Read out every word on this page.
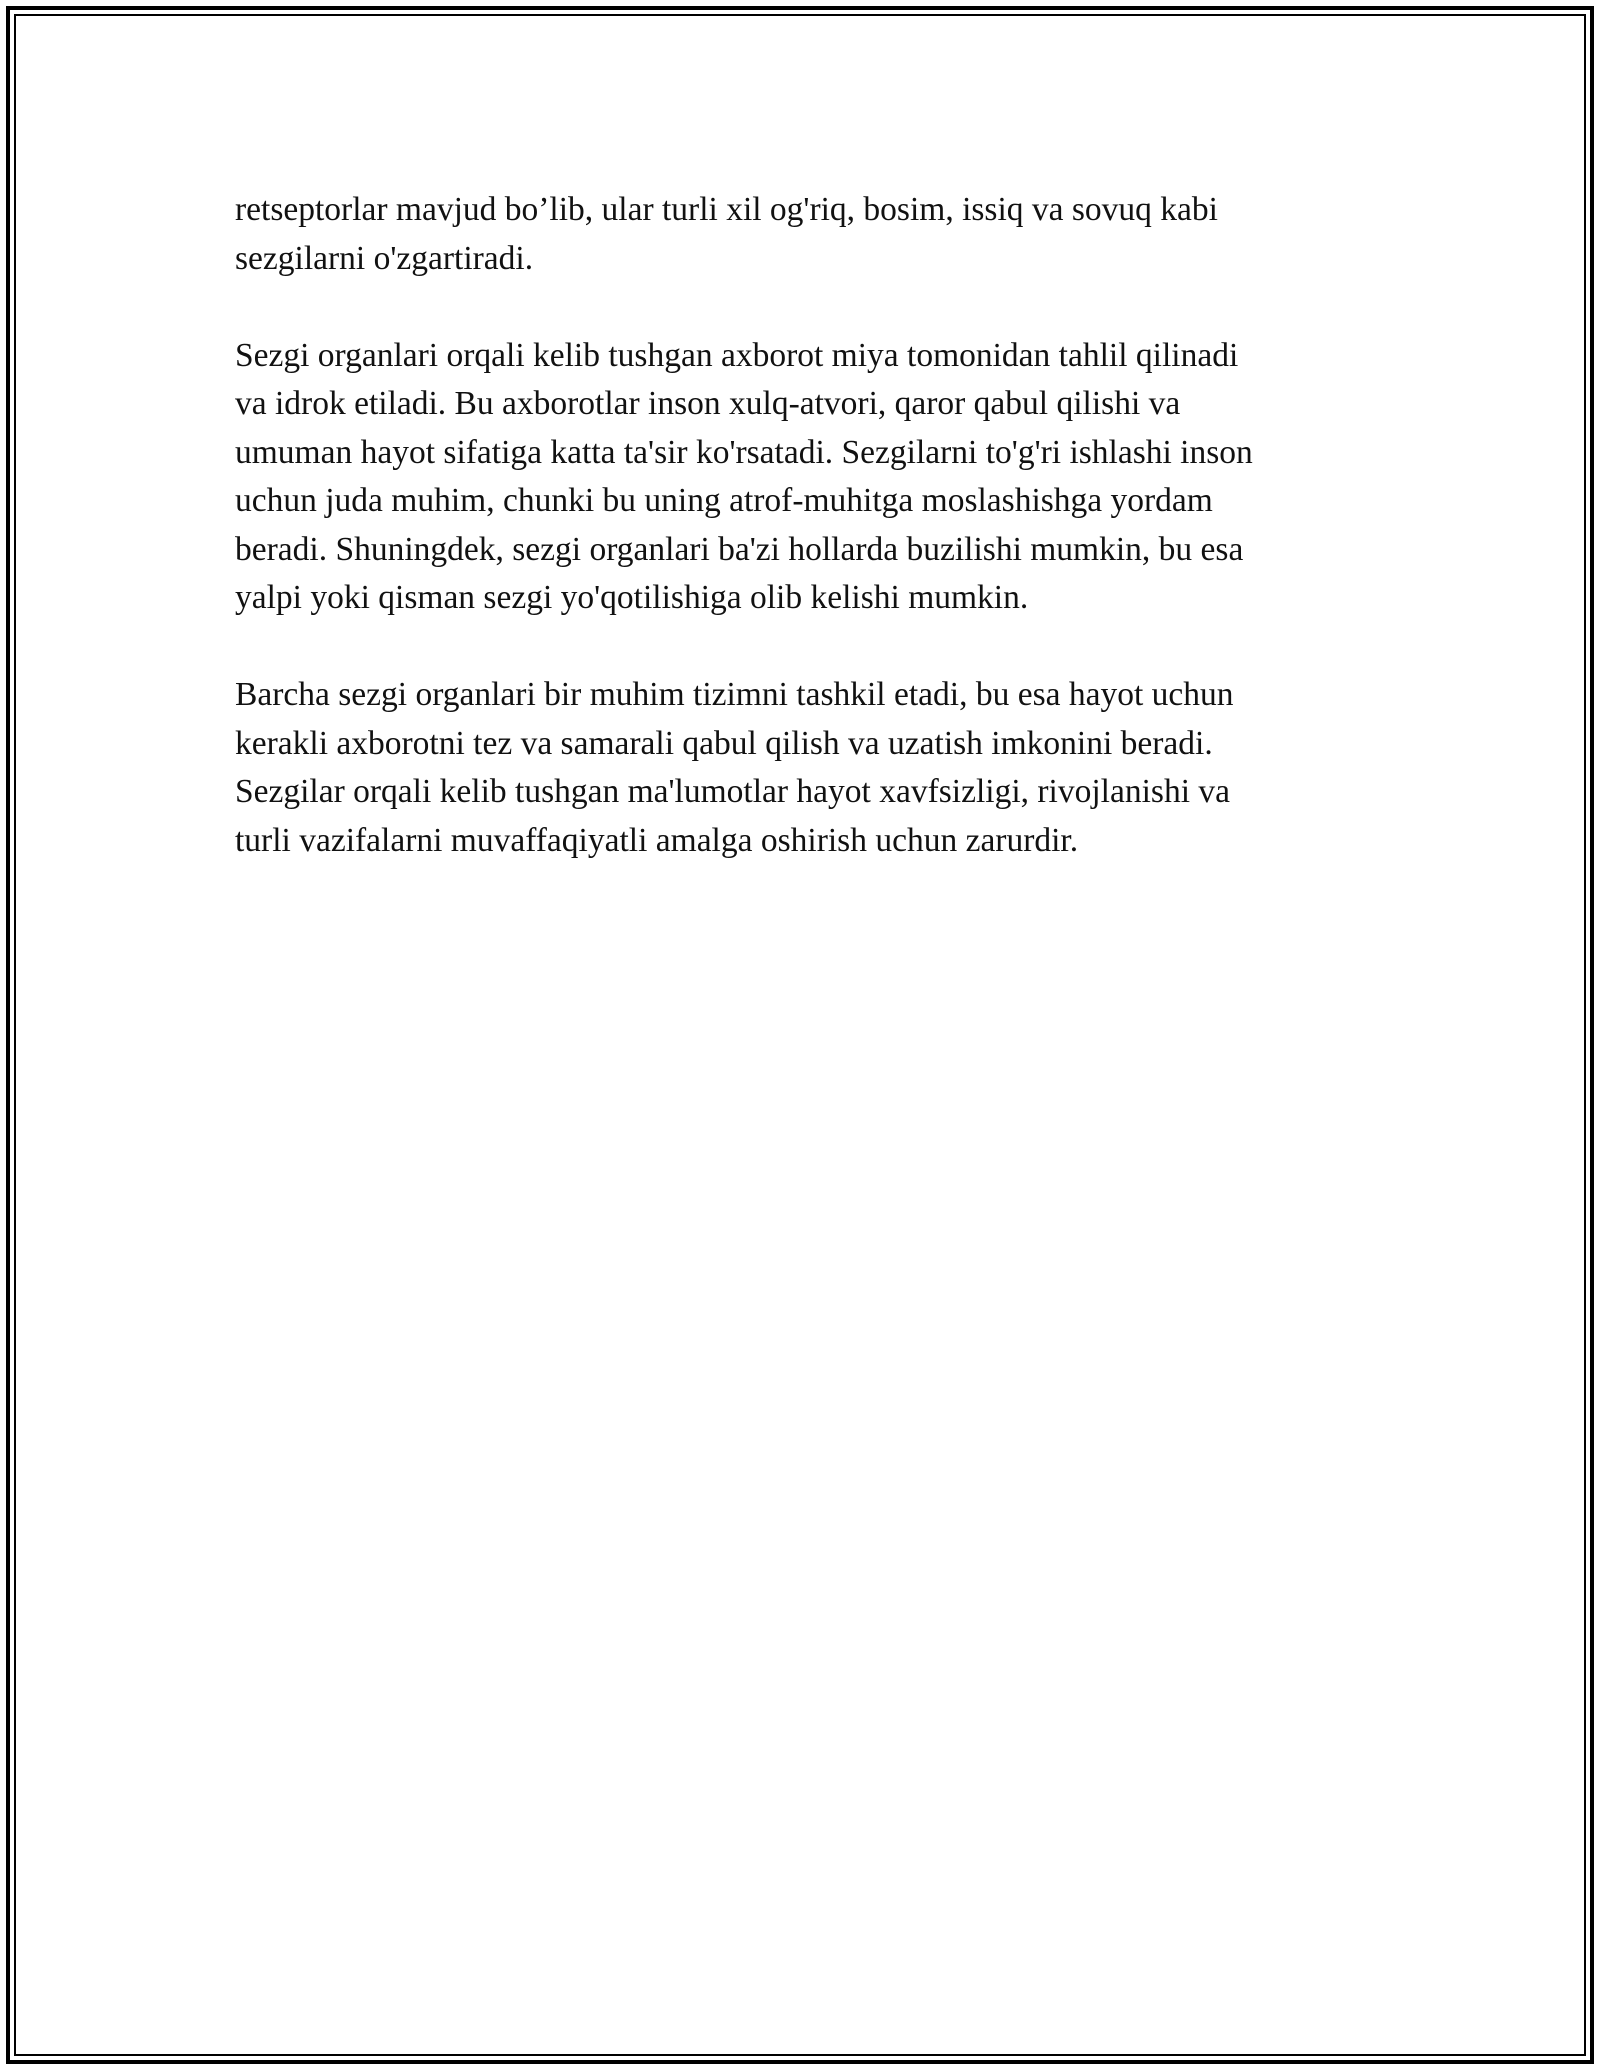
retseptorlar mavjud bo’lib, ular turli xil og'riq, bosim, issiq va sovuq kabi
sezgilarni o'zgartiradi.

Sezgi organlari orqali kelib tushgan axborot miya tomonidan tahlil qilinadi
va idrok etiladi. Bu axborotlar inson xulq-atvori, qaror qabul qilishi va
umuman hayot sifatiga katta ta'sir ko'rsatadi. Sezgilarni to'g'ri ishlashi inson
uchun juda muhim, chunki bu uning atrof-muhitga moslashishga yordam
beradi. Shuningdek, sezgi organlari ba'zi hollarda buzilishi mumkin, bu esa
yalpi yoki qisman sezgi yo'qotilishiga olib kelishi mumkin.

Barcha sezgi organlari bir muhim tizimni tashkil etadi, bu esa hayot uchun
kerakli axborotni tez va samarali qabul qilish va uzatish imkonini beradi.
Sezgilar orqali kelib tushgan ma'lumotlar hayot xavfsizligi, rivojlanishi va
turli vazifalarni muvaffaqiyatli amalga oshirish uchun zarurdir.
